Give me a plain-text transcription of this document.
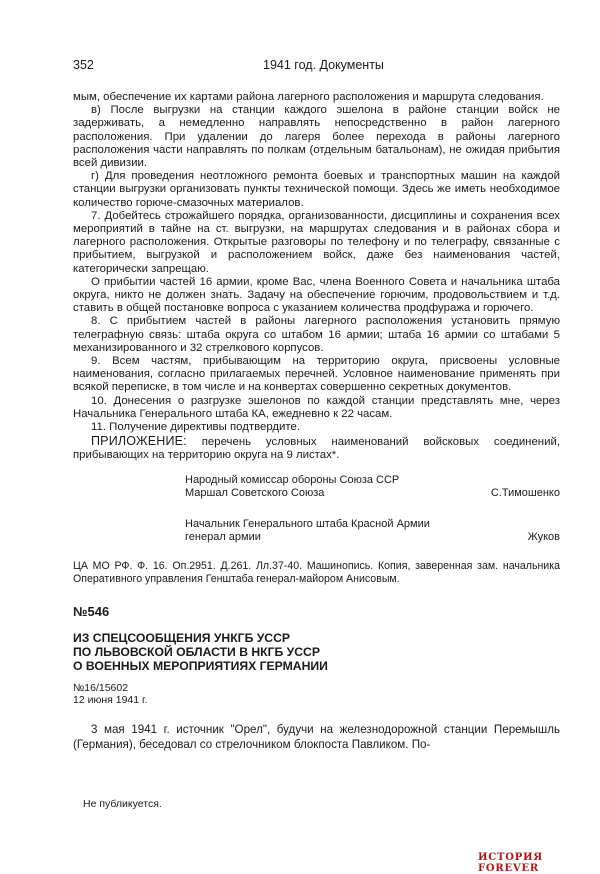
352	1941 год. Документы

мым, обеспечение их картами района лагерного расположения и маршрута следования.

в) После выгрузки на станции каждого эшелона в районе станции войск не задерживать, а немедленно направлять непосредственно в район лагерного расположения. При удалении до лагеря более перехода в районы лагерного расположения части направлять по полкам (отдельным батальонам), не ожидая прибытия всей дивизии.

г) Для проведения неотложного ремонта боевых и транспортных машин на каждой станции выгрузки организовать пункты технической помощи. Здесь же иметь необходимое количество горюче-смазочных материалов.

7. Добейтесь строжайшего порядка, организованности, дисциплины и сохранения всех мероприятий в тайне на ст. выгрузки, на маршрутах следования и в районах сбора и лагерного расположения. Открытые разговоры по телефону и по телеграфу, связанные с прибытием, выгрузкой и расположением войск, даже без наименования частей, категорически запрещаю.

О прибытии частей 16 армии, кроме Вас, члена Военного Совета и начальника штаба округа, никто не должен знать. Задачу на обеспечение горючим, продовольствием и т.д. ставить в общей постановке вопроса с указанием количества продфуража и горючего.

8. С прибытием частей в районы лагерного расположения установить прямую телеграфную связь: штаба округа со штабом 16 армии; штаба 16 армии со штабами 5 механизированного и 32 стрелкового корпусов.

9. Всем частям, прибывающим на территорию округа, присвоены условные наименования, согласно прилагаемых перечней. Условное наименование применять при всякой переписке, в том числе и на конвертах совершенно секретных документов.

10. Донесения о разгрузке эшелонов по каждой станции представлять мне, через Начальника Генерального штаба КА, ежедневно к 22 часам.

11. Получение директивы подтвердите.

ПРИЛОЖЕНИЕ: перечень условных наименований войсковых соединений, прибывающих на территорию округа на 9 листах*.

Народный комиссар обороны Союза ССР
Маршал Советского Союза	С.Тимошенко
Начальник Генерального штаба Красной Армии
генерал армии	Жуков

ЦА МО РФ. Ф. 16. Оп.2951. Д.261. Лл.37-40. Машинопись. Копия, заверенная зам. начальника Оперативного управления Генштаба генерал-майором Анисовым.

№546
ИЗ СПЕЦСООБЩЕНИЯ УНКГБ УССР
ПО ЛЬВОВСКОЙ ОБЛАСТИ В НКГБ УССР
О ВОЕННЫХ МЕРОПРИЯТИЯХ ГЕРМАНИИ
№16/15602
12 июня 1941 г.

3 мая 1941 г. источник "Орел", будучи на железнодорожной станции Перемышль (Германия), беседовал со стрелочником блокпоста Павликом. По-

Не публикуется.
ИСТОРИЯ FOREVER
